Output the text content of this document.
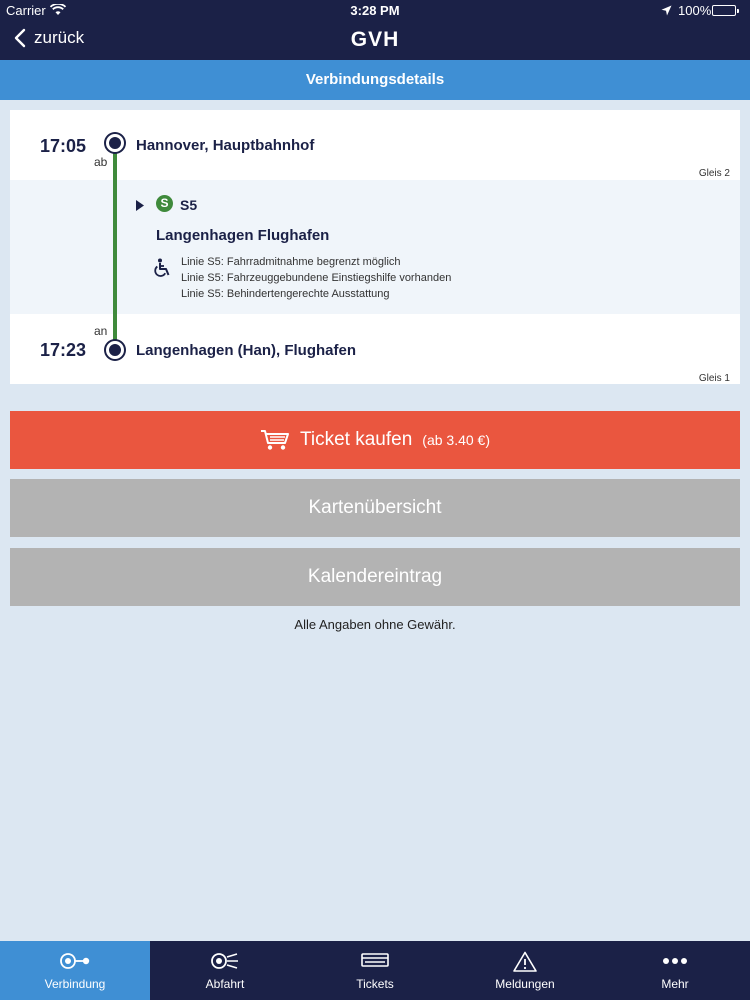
Carrier	3:28 PM	100%
zurück	GVH
Verbindungsdetails
17:05
ab
Hannover, Hauptbahnhof
Gleis 2
S S5
Langenhagen Flughafen
Linie S5: Fahrradmitnahme begrenzt möglich
Linie S5: Fahrzeuggebundene Einstiegshilfe vorhanden
Linie S5: Behindertengerechte Ausstattung
an
17:23	Langenhagen (Han), Flughafen
Gleis 1
Ticket kaufen (ab 3.40 €)
Kartenübersicht
Kalendereintrag
Alle Angaben ohne Gewähr.
Verbindung	Abfahrt	Tickets	Meldungen	Mehr
